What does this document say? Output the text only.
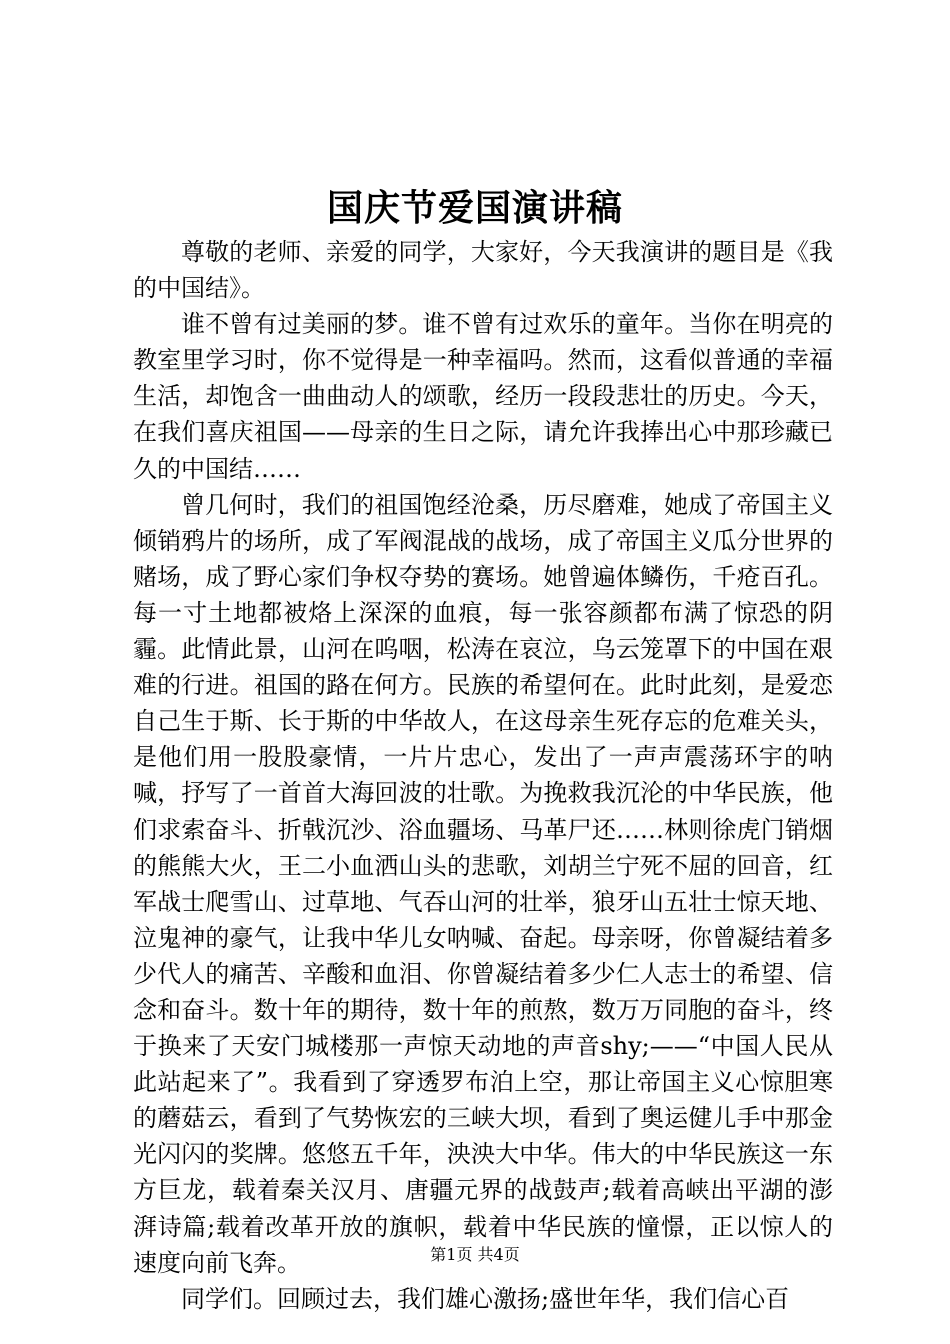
国庆节爱国演讲稿

尊敬的老师、亲爱的同学，大家好，今天我演讲的题目是《我的中国结》。

谁不曾有过美丽的梦。谁不曾有过欢乐的童年。当你在明亮的教室里学习时，你不觉得是一种幸福吗。然而，这看似普通的幸福生活，却饱含一曲曲动人的颂歌，经历一段段悲壮的历史。今天，在我们喜庆祖国——母亲的生日之际，请允许我捧出心中那珍藏已久的中国结……

曾几何时，我们的祖国饱经沧桑，历尽磨难，她成了帝国主义倾销鸦片的场所，成了军阀混战的战场，成了帝国主义瓜分世界的赌场，成了野心家们争权夺势的赛场。她曾遍体鳞伤，千疮百孔。每一寸土地都被烙上深深的血痕，每一张容颜都布满了惊恐的阴霾。此情此景，山河在呜咽，松涛在哀泣，乌云笼罩下的中国在艰难的行进。祖国的路在何方。民族的希望何在。此时此刻，是爱恋自己生于斯、长于斯的中华故人，在这母亲生死存忘的危难关头，是他们用一股股豪情，一片片忠心，发出了一声声震荡环宇的呐喊，抒写了一首首大海回波的壮歌。为挽救我沉沦的中华民族，他们求索奋斗、折戟沉沙、浴血疆场、马革尸还……林则徐虎门销烟的熊熊大火，王二小血洒山头的悲歌，刘胡兰宁死不屈的回音，红军战士爬雪山、过草地、气吞山河的壮举，狼牙山五壮士惊天地、泣鬼神的豪气，让我中华儿女呐喊、奋起。母亲呀，你曾凝结着多少代人的痛苦、辛酸和血泪、你曾凝结着多少仁人志士的希望、信念和奋斗。数十年的期待，数十年的煎熬，数万万同胞的奋斗，终于换来了天安门城楼那一声惊天动地的声音shy;——“中国人民从此站起来了”。我看到了穿透罗布泊上空，那让帝国主义心惊胆寒的蘑菇云，看到了气势恢宏的三峡大坝，看到了奥运健儿手中那金光闪闪的奖牌。悠悠五千年，泱泱大中华。伟大的中华民族这一东方巨龙，载着秦关汉月、唐疆元界的战鼓声;载着高峡出平湖的澎湃诗篇;载着改革开放的旗帜，载着中华民族的憧憬，正以惊人的速度向前飞奔。

同学们。回顾过去，我们雄心激扬;盛世年华，我们信心百

第1页 共4页
